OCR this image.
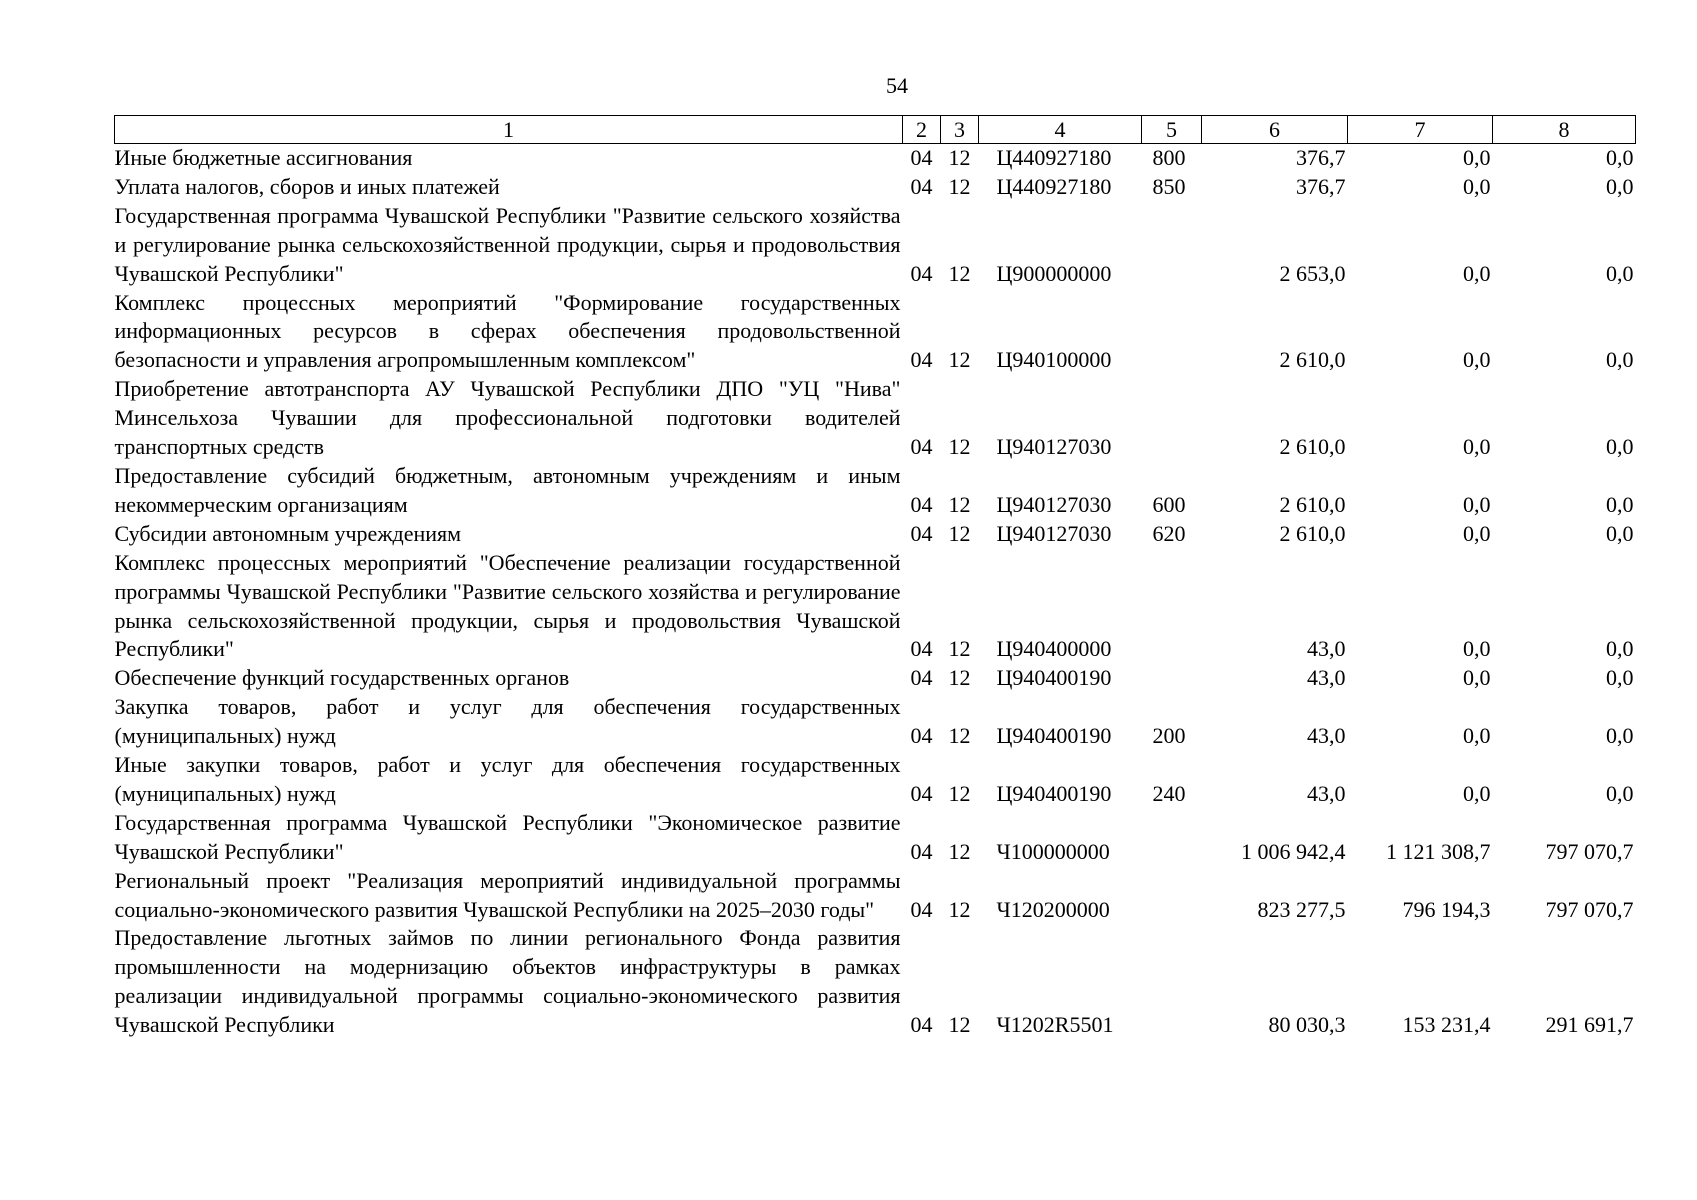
54
1	2	3	4	5	6	7	8
Иные бюджетные ассигнования	04	12	Ц440927180	800	376,7	0,0	0,0
Уплата налогов, сборов и иных платежей	04	12	Ц440927180	850	376,7	0,0	0,0
Государственная программа Чувашской Республики "Развитие сельского хозяйства и регулирование рынка сельскохозяйственной продукции, сырья и продовольствия Чувашской Республики"	04	12	Ц900000000		2 653,0	0,0	0,0
Комплекс процессных мероприятий "Формирование государственных информационных ресурсов в сферах обеспечения продовольственной безопасности и управления агропромышленным комплексом"	04	12	Ц940100000		2 610,0	0,0	0,0
Приобретение автотранспорта АУ Чувашской Республики ДПО "УЦ "Нива" Минсельхоза Чувашии для профессиональной подготовки водителей транспортных средств	04	12	Ц940127030		2 610,0	0,0	0,0
Предоставление субсидий бюджетным, автономным учреждениям и иным некоммерческим организациям	04	12	Ц940127030	600	2 610,0	0,0	0,0
Субсидии автономным учреждениям	04	12	Ц940127030	620	2 610,0	0,0	0,0
Комплекс процессных мероприятий "Обеспечение реализации государственной программы Чувашской Республики "Развитие сельского хозяйства и регулирование рынка сельскохозяйственной продукции, сырья и продовольствия Чувашской Республики"	04	12	Ц940400000		43,0	0,0	0,0
Обеспечение функций государственных органов	04	12	Ц940400190		43,0	0,0	0,0
Закупка товаров, работ и услуг для обеспечения государственных (муниципальных) нужд	04	12	Ц940400190	200	43,0	0,0	0,0
Иные закупки товаров, работ и услуг для обеспечения государственных (муниципальных) нужд	04	12	Ц940400190	240	43,0	0,0	0,0
Государственная программа Чувашской Республики "Экономическое развитие Чувашской Республики"	04	12	Ч100000000		1 006 942,4	1 121 308,7	797 070,7
Региональный проект "Реализация мероприятий индивидуальной программы социально-экономического развития Чувашской Республики на 2025–2030 годы"	04	12	Ч120200000		823 277,5	796 194,3	797 070,7
Предоставление льготных займов по линии регионального Фонда развития промышленности на модернизацию объектов инфраструктуры в рамках реализации индивидуальной программы социально-экономического развития Чувашской Республики	04	12	Ч1202R5501		80 030,3	153 231,4	291 691,7
